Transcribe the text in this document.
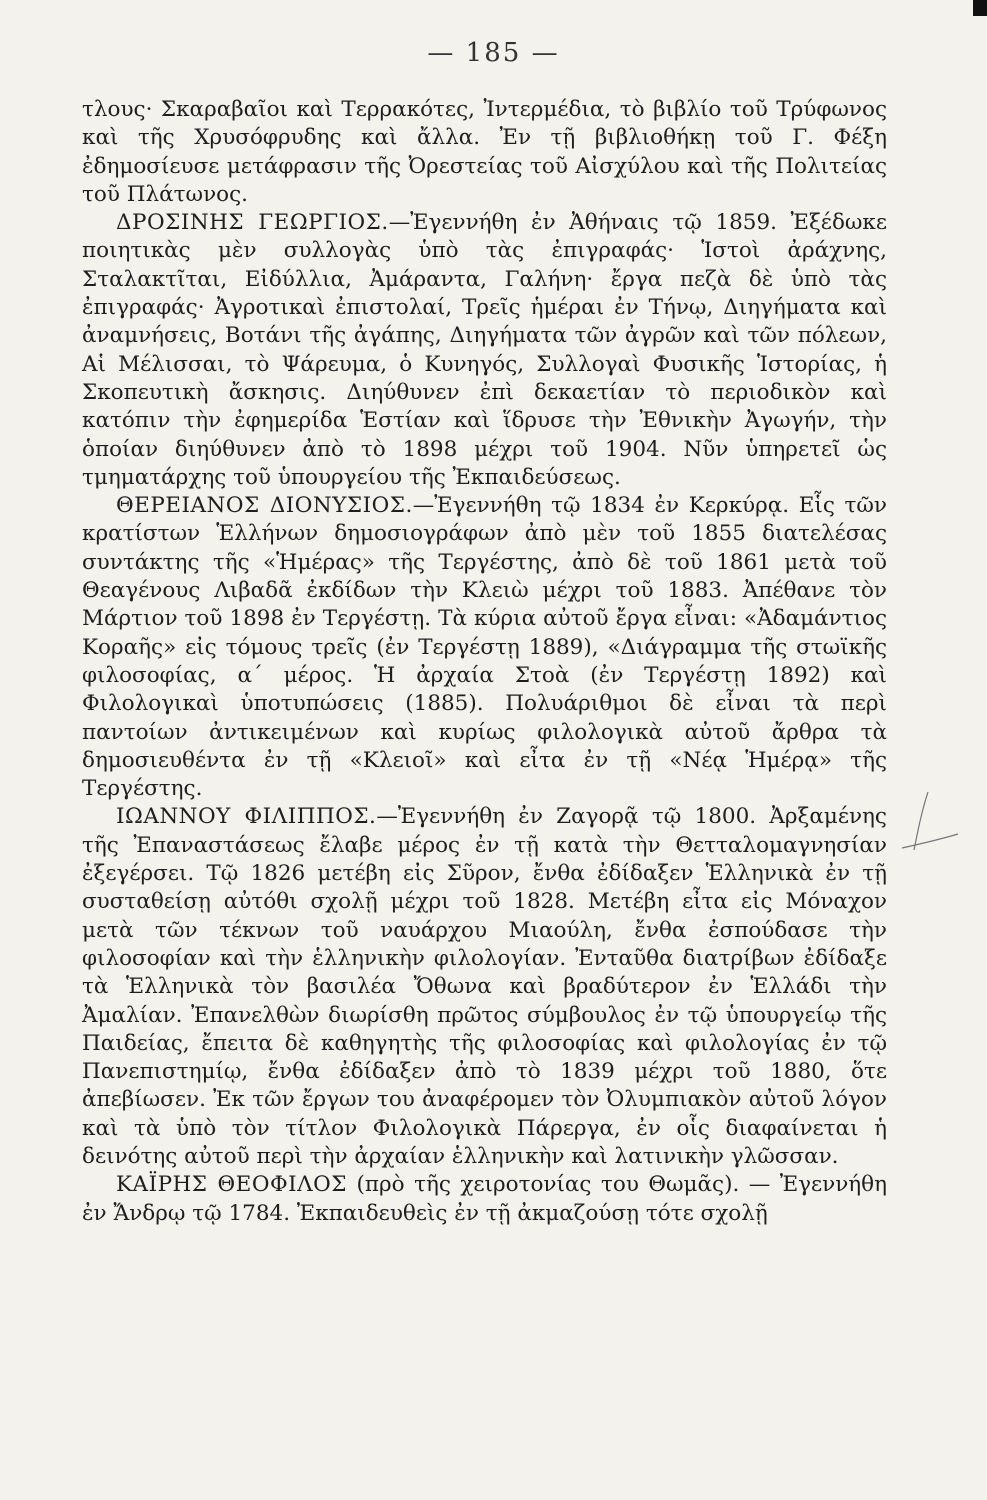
— 185 —

τλους· Σκαραβαῖοι καὶ Τερρακότες, Ἰντερμέδια, τὸ βιβλίο τοῦ Τρύφωνος καὶ τῆς Χρυσόφρυδης καὶ ἄλλα. Ἐν τῇ βιβλιοθήκῃ τοῦ Γ. Φέξη ἐδημοσίευσε μετάφρασιν τῆς Ὀρεστείας τοῦ Αἰσχύλου καὶ τῆς Πολιτείας τοῦ Πλάτωνος.

ΔΡΟΣΙΝΗΣ ΓΕΩΡΓΙΟΣ.—Ἐγεννήθη ἐν Ἀθήναις τῷ 1859. Ἐξέδωκε ποιητικὰς μὲν συλλογὰς ὑπὸ τὰς ἐπιγραφάς· Ἱστοὶ ἀράχνης, Σταλακτῖται, Εἰδύλλια, Ἀμάραντα, Γαλήνη· ἔργα πεζὰ δὲ ὑπὸ τὰς ἐπιγραφάς· Ἀγροτικαὶ ἐπιστολαί, Τρεῖς ἡμέραι ἐν Τήνῳ, Διηγήματα καὶ ἀναμνήσεις, Βοτάνι τῆς ἀγάπης, Διηγήματα τῶν ἀγρῶν καὶ τῶν πόλεων, Αἱ Μέλισσαι, τὸ Ψάρευμα, ὁ Κυνηγός, Συλλογαὶ Φυσικῆς Ἱστορίας, ἡ Σκοπευτικὴ ἄσκησις. Διηύθυνεν ἐπὶ δεκαετίαν τὸ περιοδικὸν καὶ κατόπιν τὴν ἐφημερίδα Ἑστίαν καὶ ἵδρυσε τὴν Ἐθνικὴν Ἀγωγήν, τὴν ὁποίαν διηύθυνεν ἀπὸ τὸ 1898 μέχρι τοῦ 1904. Νῦν ὑπηρετεῖ ὡς τμηματάρχης τοῦ ὑπουργείου τῆς Ἐκπαιδεύσεως.

ΘΕΡΕΙΑΝΟΣ ΔΙΟΝΥΣΙΟΣ.—Ἐγεννήθη τῷ 1834 ἐν Κερκύρᾳ. Εἷς τῶν κρατίστων Ἑλλήνων δημοσιογράφων ἀπὸ μὲν τοῦ 1855 διατελέσας συντάκτης τῆς «Ἡμέρας» τῆς Τεργέστης, ἀπὸ δὲ τοῦ 1861 μετὰ τοῦ Θεαγένους Λιβαδᾶ ἐκδίδων τὴν Κλειὼ μέχρι τοῦ 1883. Ἀπέθανε τὸν Μάρτιον τοῦ 1898 ἐν Τεργέστῃ. Τὰ κύρια αὐτοῦ ἔργα εἶναι: «Ἀδαμάντιος Κοραῆς» εἰς τόμους τρεῖς (ἐν Τεργέστῃ 1889), «Διάγραμμα τῆς στωϊκῆς φιλοσοφίας, α΄ μέρος. Ἡ ἀρχαία Στοὰ (ἐν Τεργέστῃ 1892) καὶ Φιλολογικαὶ ὑποτυπώσεις (1885). Πολυάριθμοι δὲ εἶναι τὰ περὶ παντοίων ἀντικειμένων καὶ κυρίως φιλολογικὰ αὐτοῦ ἄρθρα τὰ δημοσιευθέντα ἐν τῇ «Κλειοῖ» καὶ εἶτα ἐν τῇ «Νέᾳ Ἡμέρᾳ» τῆς Τεργέστης.

ΙΩΑΝΝΟΥ ΦΙΛΙΠΠΟΣ.—Ἐγεννήθη ἐν Ζαγορᾷ τῷ 1800. Ἀρξαμένης τῆς Ἐπαναστάσεως ἔλαβε μέρος ἐν τῇ κατὰ τὴν Θετταλομαγνησίαν ἐξεγέρσει. Τῷ 1826 μετέβη εἰς Σῦρον, ἔνθα ἐδίδαξεν Ἑλληνικὰ ἐν τῇ συσταθείσῃ αὐτόθι σχολῇ μέχρι τοῦ 1828. Μετέβη εἶτα εἰς Μόναχον μετὰ τῶν τέκνων τοῦ ναυάρχου Μιαούλη, ἔνθα ἐσπούδασε τὴν φιλοσοφίαν καὶ τὴν ἑλληνικὴν φιλολογίαν. Ἐνταῦθα διατρίβων ἐδίδαξε τὰ Ἑλληνικὰ τὸν βασιλέα Ὄθωνα καὶ βραδύτερον ἐν Ἑλλάδι τὴν Ἀμαλίαν. Ἐπανελθὼν διωρίσθη πρῶτος σύμβουλος ἐν τῷ ὑπουργείῳ τῆς Παιδείας, ἔπειτα δὲ καθηγητὴς τῆς φιλοσοφίας καὶ φιλολογίας ἐν τῷ Πανεπιστημίῳ, ἔνθα ἐδίδαξεν ἀπὸ τὸ 1839 μέχρι τοῦ 1880, ὅτε ἀπεβίωσεν. Ἐκ τῶν ἔργων του ἀναφέρομεν τὸν Ὀλυμπιακὸν αὐτοῦ λόγον καὶ τὰ ὑπὸ τὸν τίτλον Φιλολογικὰ Πάρεργα, ἐν οἷς διαφαίνεται ἡ δεινότης αὐτοῦ περὶ τὴν ἀρχαίαν ἑλληνικὴν καὶ λατινικὴν γλῶσσαν.

ΚΑΪΡΗΣ ΘΕΟΦΙΛΟΣ (πρὸ τῆς χειροτονίας του Θωμᾶς). — Ἐγεννήθη ἐν Ἄνδρῳ τῷ 1784. Ἐκπαιδευθεὶς ἐν τῇ ἀκμαζούσῃ τότε σχολῇ
